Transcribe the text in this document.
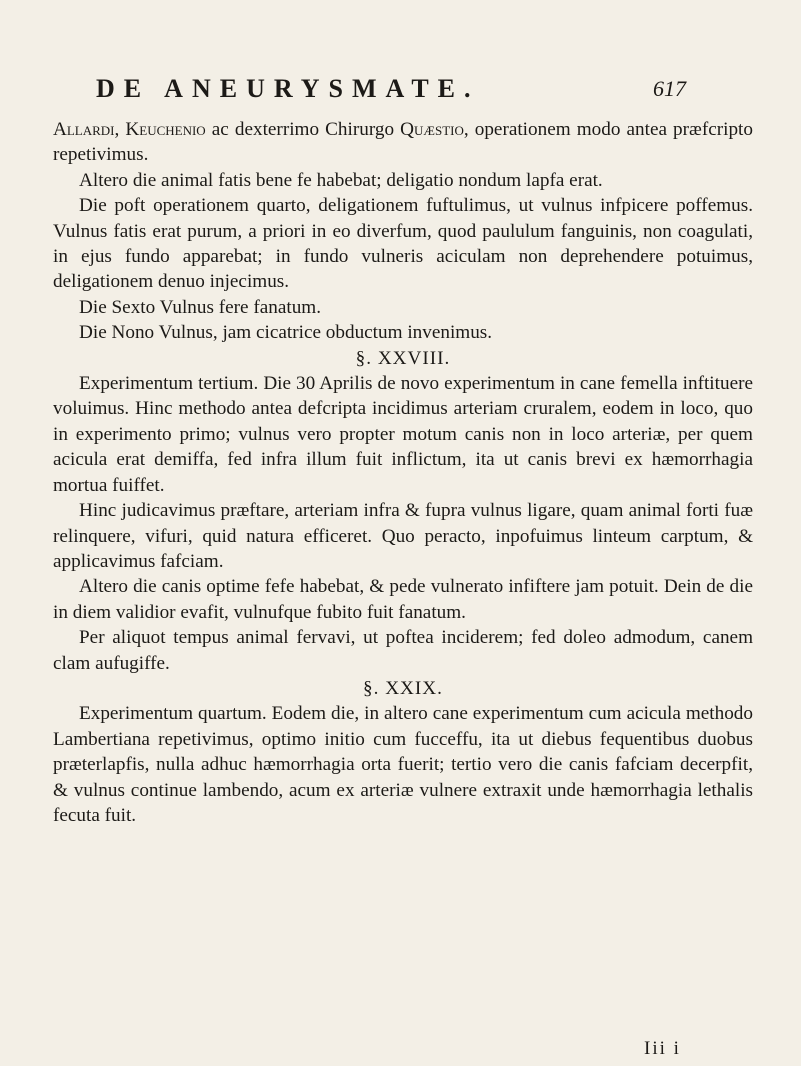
DE ANEURYSMATE.	617

Allardi, Keuchenio ac dexterrimo Chirurgo Quæstio, operationem modo antea præfcripto repetivimus.

Altero die animal fatis bene fe habebat; deligatio nondum lapfa erat.

Die poft operationem quarto, deligationem fuftulimus, ut vulnus infpicere poffemus. Vulnus fatis erat purum, a priori in eo diverfum, quod paululum fanguinis, non coagulati, in ejus fundo apparebat; in fundo vulneris aciculam non deprehendere potuimus, deligationem denuo injecimus.

Die Sexto Vulnus fere fanatum.

Die Nono Vulnus, jam cicatrice obductum invenimus.

§. XXVIII.

Experimentum tertium. Die 30 Aprilis de novo experimentum in cane femella inftituere voluimus. Hinc methodo antea defcripta incidimus arteriam cruralem, eodem in loco, quo in experimento primo; vulnus vero propter motum canis non in loco arteriæ, per quem acicula erat demiffa, fed infra illum fuit inflictum, ita ut canis brevi ex hæmorrhagia mortua fuiffet.

Hinc judicavimus præftare, arteriam infra & fupra vulnus ligare, quam animal forti fuæ relinquere, vifuri, quid natura efficeret. Quo peracto, inpofuimus linteum carptum, & applicavimus fafciam.

Altero die canis optime fefe habebat, & pede vulnerato infiftere jam potuit. Dein de die in diem validior evafit, vulnufque fubito fuit fanatum.

Per aliquot tempus animal fervavi, ut poftea inciderem; fed doleo admodum, canem clam aufugiffe.

§. XXIX.

Experimentum quartum. Eodem die, in altero cane experimentum cum acicula methodo Lambertiana repetivimus, optimo initio cum fucceffu, ita ut diebus fequentibus duobus præterlapfis, nulla adhuc hæmorrhagia orta fuerit; tertio vero die canis fafciam decerpfit, & vulnus continue lambendo, acum ex arteriæ vulnere extraxit unde hæmorrhagia lethalis fecuta fuit.

Iii i
